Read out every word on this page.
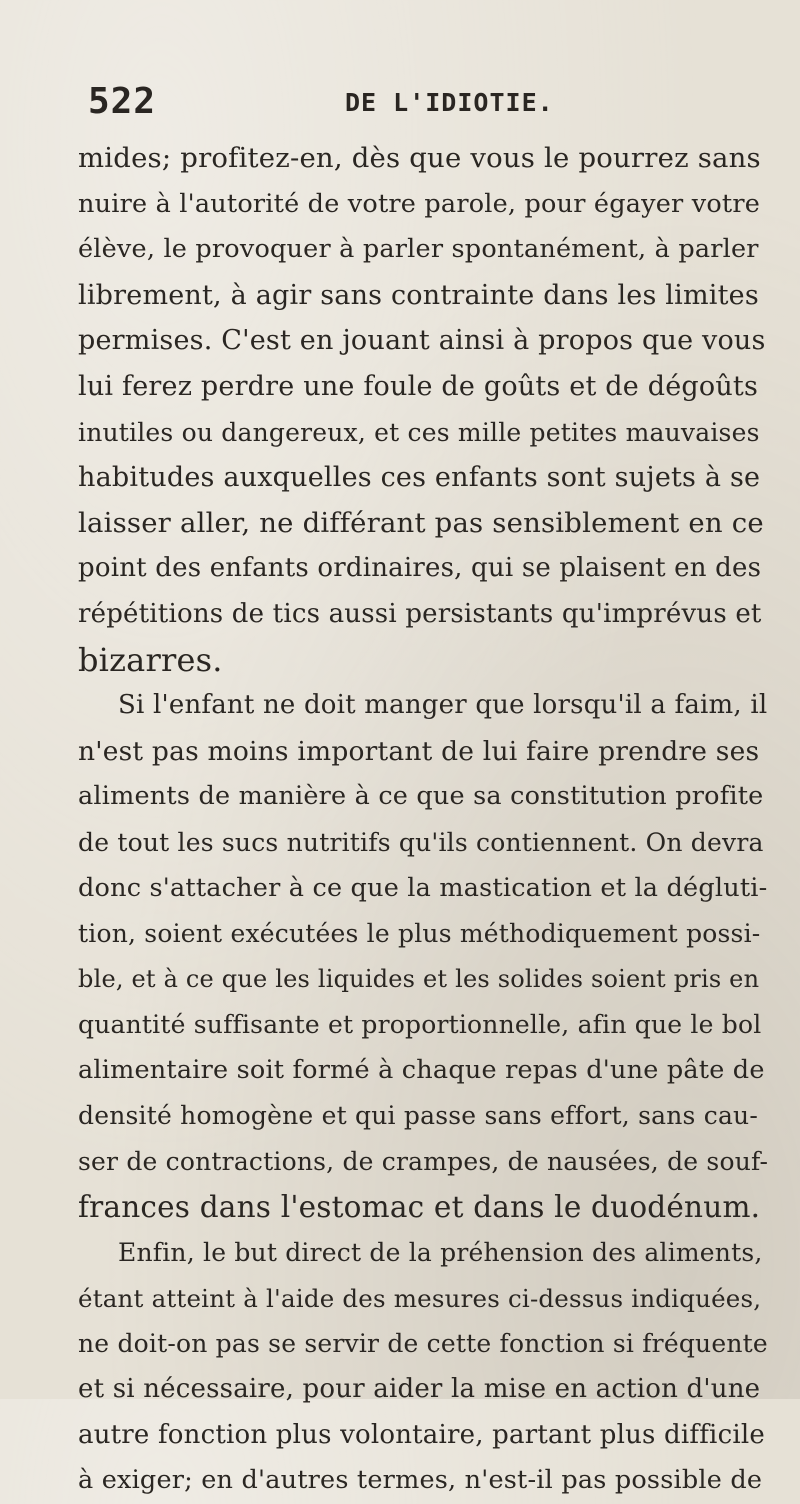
522	DE L'IDIOTIE.
mides; profitez-en, dès que vous le pourrez sans
nuire à l'autorité de votre parole, pour égayer votre
élève, le provoquer à parler spontanément, à parler
librement, à agir sans contrainte dans les limites
permises. C'est en jouant ainsi à propos que vous
lui ferez perdre une foule de goûts et de dégoûts
inutiles ou dangereux, et ces mille petites mauvaises
habitudes auxquelles ces enfants sont sujets à se
laisser aller, ne différant pas sensiblement en ce
point des enfants ordinaires, qui se plaisent en des
répétitions de tics aussi persistants qu'imprévus et
bizarres.
Si l'enfant ne doit manger que lorsqu'il a faim, il
n'est pas moins important de lui faire prendre ses
aliments de manière à ce que sa constitution profite
de tout les sucs nutritifs qu'ils contiennent. On devra
donc s'attacher à ce que la mastication et la dégluti-
tion, soient exécutées le plus méthodiquement possi-
ble, et à ce que les liquides et les solides soient pris en
quantité suffisante et proportionnelle, afin que le bol
alimentaire soit formé à chaque repas d'une pâte de
densité homogène et qui passe sans effort, sans cau-
ser de contractions, de crampes, de nausées, de souf-
frances dans l'estomac et dans le duodénum.
Enfin, le but direct de la préhension des aliments,
étant atteint à l'aide des mesures ci-dessus indiquées,
ne doit-on pas se servir de cette fonction si fréquente
et si nécessaire, pour aider la mise en action d'une
autre fonction plus volontaire, partant plus difficile
à exiger; en d'autres termes, n'est-il pas possible de
